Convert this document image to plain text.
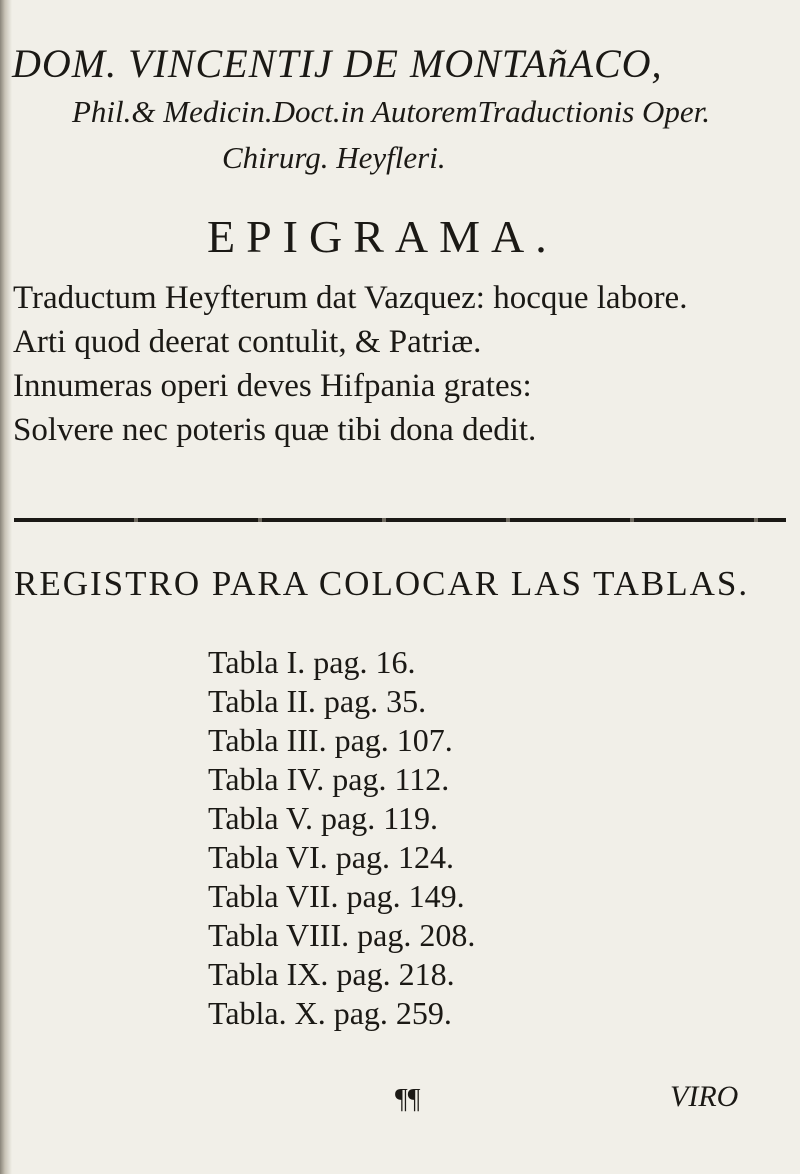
DOM. VINCENTIJ DE MONTAñACO,
Phil.& Medicin.Doct.in AutoremTraductionis Oper.
Chirurg. Heyfleri.
EPIGRAMA.
Traductum Heyfterum dat Vazquez: hocque labore.
Arti quod deerat contulit, & Patriæ.
Innumeras operi deves Hifpania grates:
Solvere nec poteris quæ tibi dona dedit.
REGISTRO PARA COLOCAR LAS TABLAS.
Tabla I. pag. 16.
Tabla II. pag. 35.
Tabla III. pag. 107.
Tabla IV. pag. 112.
Tabla V. pag. 119.
Tabla VI. pag. 124.
Tabla VII. pag. 149.
Tabla VIII. pag. 208.
Tabla IX. pag. 218.
Tabla. X. pag. 259.
¶¶	VIRO
